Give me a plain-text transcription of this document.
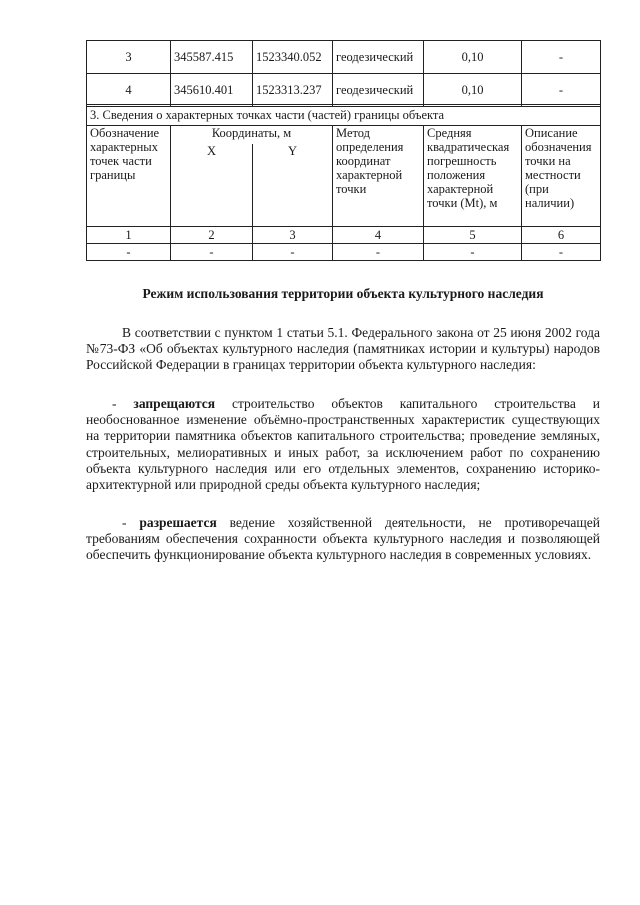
3	345587.415	1523340.052	геодезический	0,10	-
4	345610.401	1523313.237	геодезический	0,10	-
3. Сведения о характерных точках части (частей) границы объекта					
Обозначение характерных точек части границы	Координаты, м		Метод определения координат характерной точки	Средняя квадратическая погрешность положения характерной точки (Mt), м	Описание обозначения точки на местности (при наличии)
	X	Y			
1	2	3	4	5	6
-	-	-	-	-	-
Режим использования территории объекта культурного наследия

В соответствии с пунктом 1 статьи 5.1. Федерального закона от 25 июня 2002 года №73-ФЗ «Об объектах культурного наследия (памятниках истории и культуры) народов Российской Федерации в границах территории объекта культурного наследия:

- запрещаются строительство объектов капитального строительства и необоснованное изменение объёмно-пространственных характеристик существующих на территории памятника объектов капитального строительства; проведение земляных, строительных, мелиоративных и иных работ, за исключением работ по сохранению объекта культурного наследия или его отдельных элементов, сохранению историко-архитектурной или природной среды объекта культурного наследия;

- разрешается ведение хозяйственной деятельности, не противоречащей требованиям обеспечения сохранности объекта культурного наследия и позволяющей обеспечить функционирование объекта культурного наследия в современных условиях.
